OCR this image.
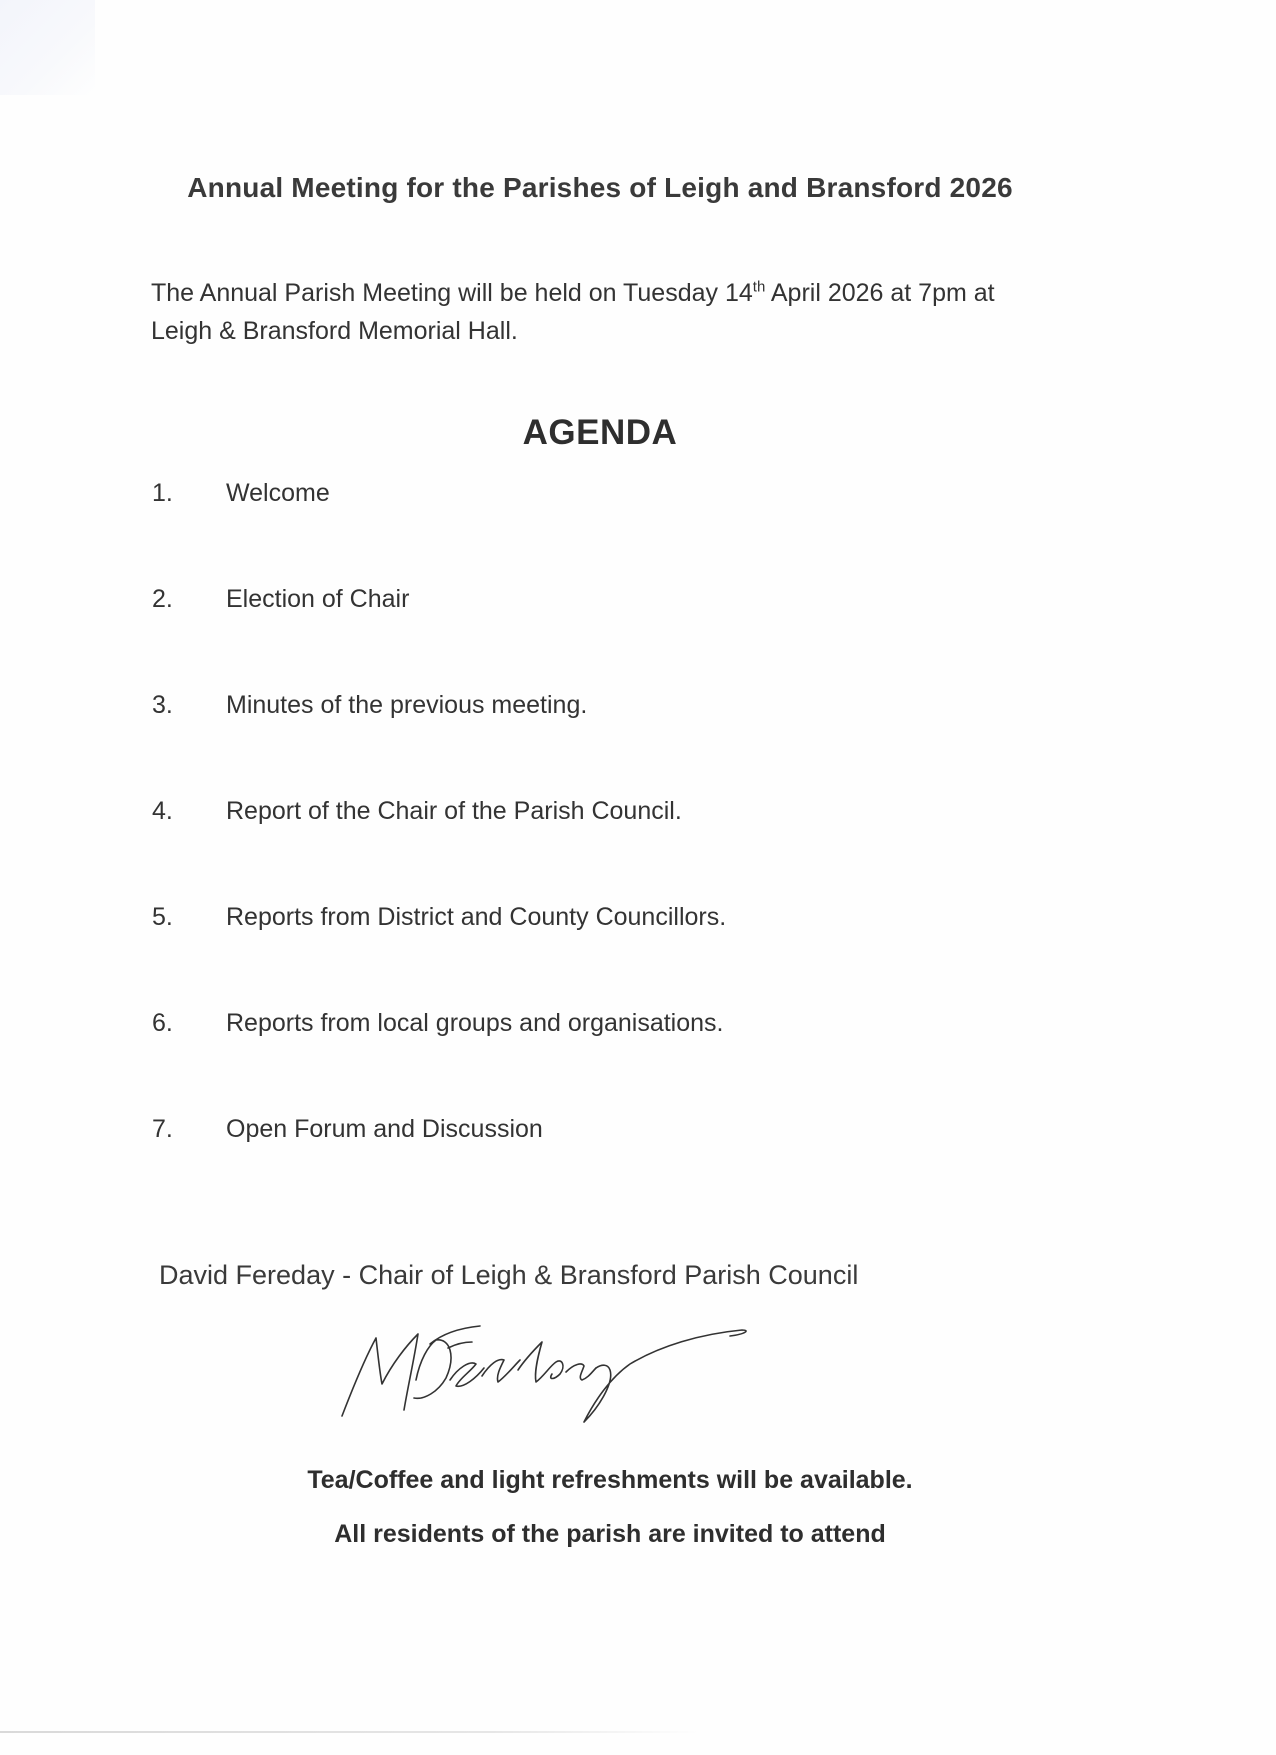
Annual Meeting for the Parishes of Leigh and Bransford 2026
The Annual Parish Meeting will be held on Tuesday 14th April 2026 at 7pm at
Leigh & Bransford Memorial Hall.
AGENDA
1.	Welcome
2.	Election of Chair
3.	Minutes of the previous meeting.
4.	Report of the Chair of the Parish Council.
5.	Reports from District and County Councillors.
6.	Reports from local groups and organisations.
7.	Open Forum and Discussion
David Fereday - Chair of Leigh & Bransford Parish Council
Tea/Coffee and light refreshments will be available.
All residents of the parish are invited to attend
